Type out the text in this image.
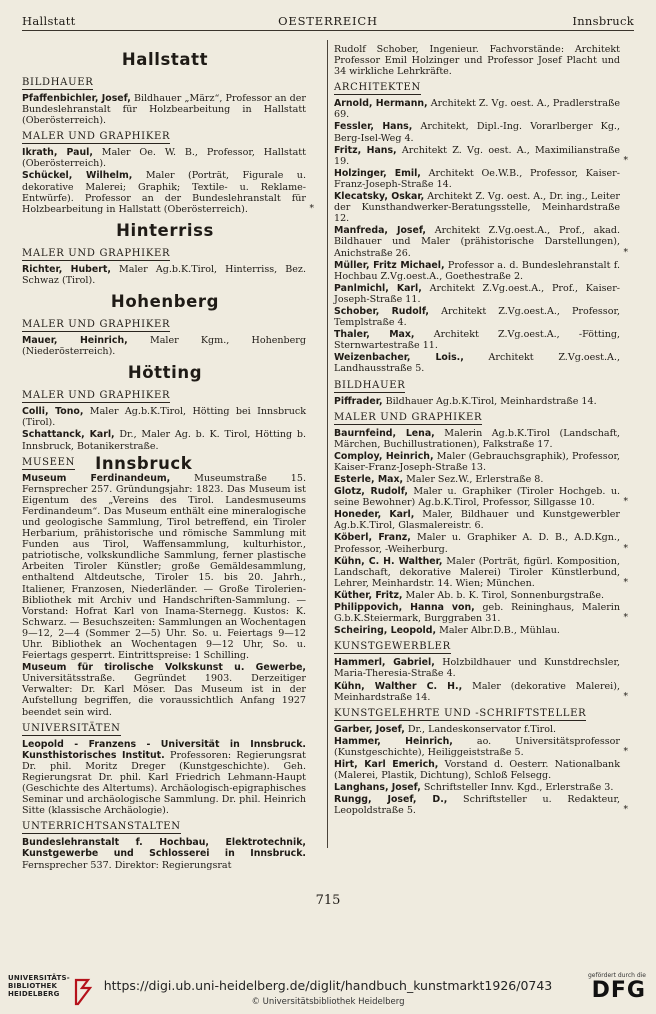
Hallstatt	OESTERREICH	Innsbruck
Hallstatt
BILDHAUER
Pfaffenbichler, Josef, Bildhauer „März“, Professor an der Bundeslehranstalt für Holzbearbeitung in Hallstatt (Oberösterreich).
MALER UND GRAPHIKER
Ikrath, Paul, Maler Oe. W. B., Professor, Hallstatt (Oberösterreich).
Schückel, Wilhelm, Maler (Porträt, Figurale u. dekorative Malerei; Graphik; Textile- u. Reklame-Entwürfe). Professor an der Bundeslehranstalt für Holzbearbeitung in Hallstatt (Oberösterreich).	*
Hinterriss
MALER UND GRAPHIKER
Richter, Hubert, Maler Ag.b.K.Tirol, Hinterriss, Bez. Schwaz (Tirol).
Hohenberg
MALER UND GRAPHIKER
Mauer, Heinrich, Maler Kgm., Hohenberg (Niederösterreich).
Hötting
MALER UND GRAPHIKER
Colli, Tono, Maler Ag.b.K.Tirol, Hötting bei Innsbruck (Tirol).
Schattanck, Karl, Dr., Maler Ag. b. K. Tirol, Hötting b. Innsbruck, Botanikerstraße.
MUSEEN Innsbruck
Museum Ferdinandeum,	Museumstraße 15. Fernsprecher 257. Gründungsjahr: 1823. Das Museum ist Eigentum des „Vereins des Tirol. Landesmuseums Ferdinandeum“. Das Museum enthält eine mineralogische und geologische Sammlung, Tirol betreffend, ein Tiroler Herbarium, prähistorische und römische Sammlung mit Funden aus Tirol, Waffensammlung, kulturhistor., patriotische, volkskundliche Sammlung, ferner plastische Arbeiten Tiroler Künstler; große Gemäldesammlung, enthaltend Altdeutsche, Tiroler 15. bis 20. Jahrh., Italiener, Franzosen, Niederländer. — Große Tirolerien-Bibliothek mit Archiv und Handschriften-Sammlung. — Vorstand: Hofrat Karl von Inama-Sternegg. Kustos: K. Schwarz. — Besuchszeiten: Sammlungen an Wochentagen 9—12, 2—4 (Sommer 2—5) Uhr. So. u. Feiertags 9—12 Uhr. Bibliothek an Wochentagen 9—12 Uhr, So. u. Feiertags gesperrt. Eintrittspreise: 1 Schilling.
Museum für tirolische Volkskunst u. Gewerbe, Universitätsstraße. Gegründet 1903. Derzeitiger Verwalter: Dr. Karl Möser. Das Museum ist in der Aufstellung begriffen, die voraussichtlich Anfang 1927 beendet sein wird.
UNIVERSITÄTEN
Leopold - Franzens - Universität in Innsbruck. Kunsthistorisches Institut. Professoren: Regierungsrat Dr. phil. Moritz Dreger (Kunstgeschichte). Geh. Regierungsrat Dr. phil. Karl Friedrich Lehmann-Haupt (Geschichte des Altertums). Archäologisch-epigraphisches Seminar und archäologische Sammlung. Dr. phil. Heinrich Sitte (klassische Archäologie).
UNTERRICHTSANSTALTEN
Bundeslehranstalt f. Hochbau, Elektrotechnik, Kunstgewerbe und Schlosserei in Innsbruck. Fernsprecher 537. Direktor: Regierungsrat
Rudolf Schober, Ingenieur. Fachvorstände: Architekt Professor Emil Holzinger und Professor Josef Placht und 34 wirkliche Lehrkräfte.
ARCHITEKTEN
Arnold, Hermann, Architekt Z. Vg. oest. A., Pradlerstraße 69.
Fessler, Hans, Architekt, Dipl.-Ing. Vorarlberger Kg., Berg-Isel-Weg 4.
Fritz, Hans, Architekt Z. Vg. oest. A., Maximilianstraße 19.	*
Holzinger, Emil, Architekt Oe.W.B., Professor, Kaiser-Franz-Joseph-Straße 14.
Klecatsky, Oskar, Architekt Z. Vg. oest. A., Dr. ing., Leiter der Kunsthandwerker-Beratungsstelle, Meinhardstraße 12.
Manfreda, Josef, Architekt Z.Vg.oest.A., Prof., akad. Bildhauer und Maler (prähistorische Darstellungen), Anichstraße 26.	*
Müller, Fritz Michael, Professor a. d. Bundeslehranstalt f. Hochbau Z.Vg.oest.A., Goethestraße 2.
Panlmichl, Karl, Architekt Z.Vg.oest.A., Prof., Kaiser-Joseph-Straße 11.
Schober, Rudolf, Architekt Z.Vg.oest.A., Professor, Templstraße 4.
Thaler, Max, Architekt Z.Vg.oest.A., -Fötting, Sternwartestraße 11.
Weizenbacher, Lois.,	Architekt Z.Vg.oest.A., Landhausstraße 5.
BILDHAUER
Piffrader, Bildhauer Ag.b.K.Tirol, Meinhardstraße 14.
MALER UND GRAPHIKER
Baurnfeind, Lena, Malerin Ag.b.K.Tirol (Landschaft, Märchen, Buchillustrationen), Falkstraße 17.
Comploy, Heinrich, Maler (Gebrauchsgraphik), Professor, Kaiser-Franz-Joseph-Straße 13.
Esterle, Max, Maler Sez.W., Erlerstraße 8.
Glotz, Rudolf, Maler u. Graphiker (Tiroler Hochgeb. u. seine Bewohner) Ag.b.K.Tirol, Professor, Sillgasse 10.	*
Honeder, Karl, Maler, Bildhauer und Kunstgewerbler Ag.b.K.Tirol, Glasmalereistr. 6.
Köberl, Franz, Maler u. Graphiker A. D. B., A.D.Kgn., Professor, -Weiherburg.	*
Kühn, C. H. Walther, Maler (Porträt, figürl. Komposition, Landschaft, dekorative Malerei) Tiroler Künstlerbund, Lehrer, Meinhardstr. 14. Wien; München.	*
Küther, Fritz, Maler Ab. b. K. Tirol, Sonnenburgstraße.
Philippovich, Hanna von, geb. Reininghaus, Malerin G.b.K.Steiermark, Burggraben 31.	*
Scheiring, Leopold, Maler Albr.D.B., Mühlau.
KUNSTGEWERBLER
Hammerl, Gabriel, Holzbildhauer und Kunstdrechsler, Maria-Theresia-Straße 4.
Kühn, Walther C. H., Maler (dekorative Malerei), Meinhardstraße 14.	*
KUNSTGELEHRTE UND -SCHRIFTSTELLER
Garber, Josef, Dr., Landeskonservator f.Tirol.
Hammer, Heinrich,	ao. Universitätsprofessor (Kunstgeschichte), Heiliggeiststraße 5.	*
Hirt, Karl Emerich, Vorstand d. Oesterr. Nationalbank (Malerei, Plastik, Dichtung), Schloß Felsegg.
Langhans, Josef, Schriftsteller Innv. Kgd., Erlerstraße 3.
Rungg, Josef, D., Schriftsteller u. Redakteur, Leopoldstraße 5.	*
715
UNIVERSITÄTS-
BIBLIOTHEK
HEIDELBERG
https://digi.ub.uni-heidelberg.de/diglit/handbuch_kunstmarkt1926/0743
© Universitätsbibliothek Heidelberg
gefördert durch die
DFG
